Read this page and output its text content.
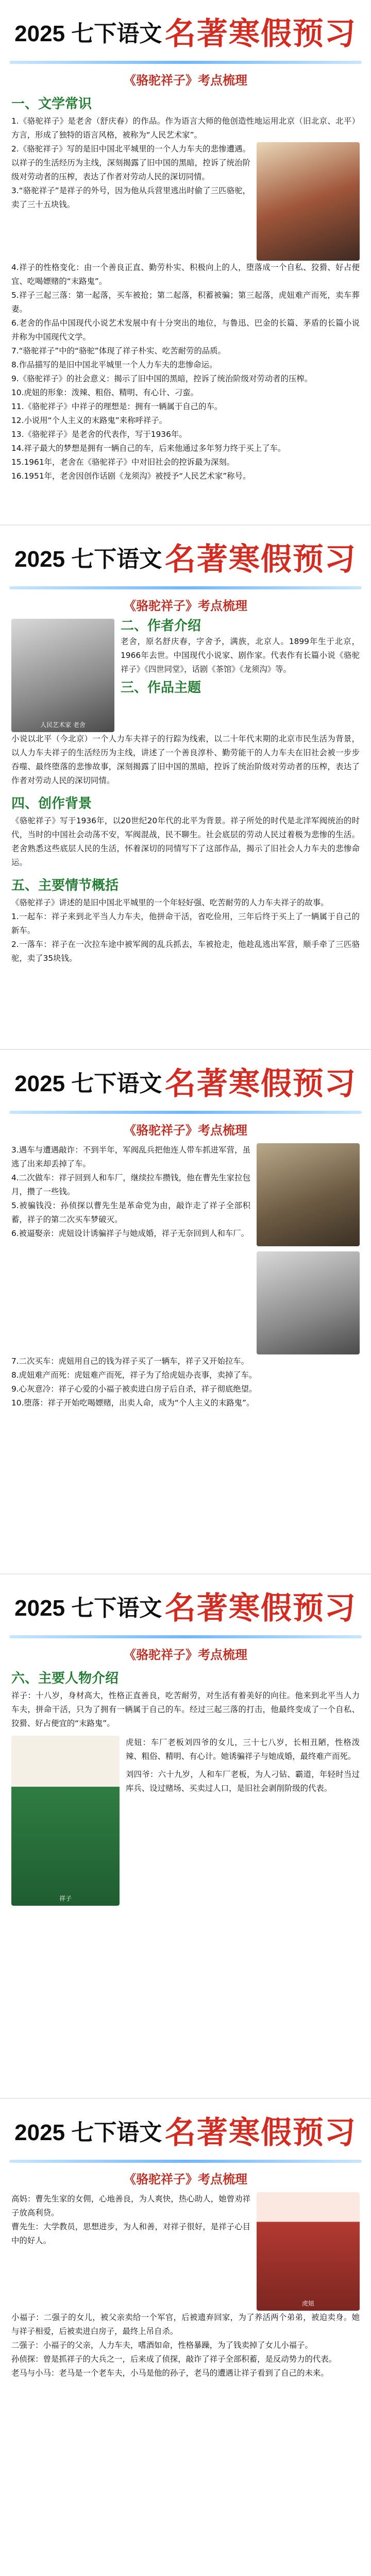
2025 七下语文 名著寒假预习
《骆驼祥子》考点梳理
一、文学常识
1.《骆驼祥子》是老舍（舒庆春）的作品。作为语言大师的他创造性地运用北京（旧北京、北平）方言，形成了独特的语言风格，被称为“人民艺术家”。
2.《骆驼祥子》写的是旧中国北平城里的一个人力车夫的悲惨遭遇。以祥子的生活经历为主线，深刻揭露了旧中国的黑暗，控诉了统治阶级对劳动者的压榨，表达了作者对劳动人民的深切同情。
3.“骆驼祥子”是祥子的外号，因为他从兵营里逃出时偷了三匹骆驼，卖了三十五块钱。
4.祥子的性格变化：由一个善良正直、勤劳朴实、积极向上的人，堕落成一个自私、狡猾、好占便宜、吃喝嫖赌的“末路鬼”。
5.祥子三起三落：第一起落，买车被抢；第二起落，积蓄被骗；第三起落，虎妞难产而死，卖车葬妻。
6.老舍的作品中国现代小说艺术发展中有十分突出的地位，与鲁迅、巴金的长篇、茅盾的长篇小说并称为中国现代文学。
7.“骆驼祥子”中的“骆驼”体现了祥子朴实、吃苦耐劳的品质。
8.作品描写的是旧中国北平城里一个人力车夫的悲惨命运。
9.《骆驼祥子》的社会意义：揭示了旧中国的黑暗，控诉了统治阶级对劳动者的压榨。
10.虎妞的形象：泼辣、粗俗、精明、有心计、刁蛮。
11.《骆驼祥子》中祥子的理想是：拥有一辆属于自己的车。
12.小说用“个人主义的末路鬼”来称呼祥子。
13.《骆驼祥子》是老舍的代表作，写于1936年。
14.祥子最大的梦想是拥有一辆自己的车，后来他通过多年努力终于买上了车。
15.1961年，老舍在《骆驼祥子》中对旧社会的控诉最为深刻。
16.1951年，老舍因创作话剧《龙须沟》被授予“人民艺术家”称号。
2025 七下语文 名著寒假预习
《骆驼祥子》考点梳理
人民艺术家 老舍
二、作者介绍
老舍，原名舒庆春，字舍予，满族，北京人。1899年生于北京，1966年去世。中国现代小说家、剧作家。代表作有长篇小说《骆驼祥子》《四世同堂》，话剧《茶馆》《龙须沟》等。
三、作品主题
小说以北平（今北京）一个人力车夫祥子的行踪为线索，以二十年代末期的北京市民生活为背景，以人力车夫祥子的生活经历为主线，讲述了一个善良淳朴、勤劳能干的人力车夫在旧社会被一步步吞噬、最终堕落的悲惨故事，深刻揭露了旧中国的黑暗，控诉了统治阶级对劳动者的压榨，表达了作者对劳动人民的深切同情。
四、创作背景
《骆驼祥子》写于1936年，以20世纪20年代的北平为背景。祥子所处的时代是北洋军阀统治的时代，当时的中国社会动荡不安，军阀混战，民不聊生。社会底层的劳动人民过着极为悲惨的生活。老舍熟悉这些底层人民的生活，怀着深切的同情写下了这部作品，揭示了旧社会人力车夫的悲惨命运。
五、主要情节概括
《骆驼祥子》讲述的是旧中国北平城里的一个年轻好强、吃苦耐劳的人力车夫祥子的故事。
1.一起车：祥子来到北平当人力车夫，他拼命干活，省吃俭用，三年后终于买上了一辆属于自己的新车。
2.一落车：祥子在一次拉车途中被军阀的乱兵抓去，车被抢走，他趁乱逃出军营，顺手牵了三匹骆驼，卖了35块钱。
2025 七下语文 名著寒假预习
《骆驼祥子》考点梳理
3.遇车与遭遇敲诈：不到半年，军阀乱兵把他连人带车抓进军营，虽逃了出来却丢掉了车。
4.二次做车：祥子回到人和车厂，继续拉车攒钱，他在曹先生家拉包月，攒了一些钱。
5.被骗钱没：孙侦探以曹先生是革命党为由，敲诈走了祥子全部积蓄，祥子的第二次买车梦破灭。
6.被逼娶亲：虎妞设计诱骗祥子与她成婚，祥子无奈回到人和车厂。
7.二次买车：虎妞用自己的钱为祥子买了一辆车，祥子又开始拉车。
8.虎妞难产而死：虎妞难产而死，祥子为了给虎妞办丧事，卖掉了车。
9.心灰意冷：祥子心爱的小福子被卖进白房子后自杀，祥子彻底绝望。
10.堕落：祥子开始吃喝嫖赌，出卖人命，成为“个人主义的末路鬼”。
2025 七下语文 名著寒假预习
《骆驼祥子》考点梳理
六、主要人物介绍
祥子：十八岁，身材高大，性格正直善良，吃苦耐劳，对生活有着美好的向往。他来到北平当人力车夫，拼命干活，只为了拥有一辆属于自己的车。经过三起三落的打击，他最终变成了一个自私、狡猾、好占便宜的“末路鬼”。
祥子
虎妞：车厂老板刘四爷的女儿，三十七八岁，长相丑陋，性格泼辣、粗俗、精明、有心计。她诱骗祥子与她成婚，最终难产而死。
刘四爷：六十九岁，人和车厂老板，为人刁钻、霸道，年轻时当过库兵、设过赌场、买卖过人口，是旧社会剥削阶级的代表。
2025 七下语文 名著寒假预习
《骆驼祥子》考点梳理
高妈：曹先生家的女佣，心地善良，为人爽快，热心助人，她曾劝祥子放高利贷。
曹先生：大学教员，思想进步，为人和善，对祥子很好，是祥子心目中的好人。
虎妞
小福子：二强子的女儿，被父亲卖给一个军官，后被遗弃回家，为了养活两个弟弟，被迫卖身。她与祥子相爱，后被卖进白房子，最终上吊自杀。
二强子：小福子的父亲，人力车夫，嗜酒如命，性格暴躁，为了钱卖掉了女儿小福子。
孙侦探：曾是抓祥子的大兵之一，后来成了侦探，敲诈了祥子全部积蓄，是反动势力的代表。
老马与小马：老马是一个老车夫，小马是他的孙子，老马的遭遇让祥子看到了自己的未来。
